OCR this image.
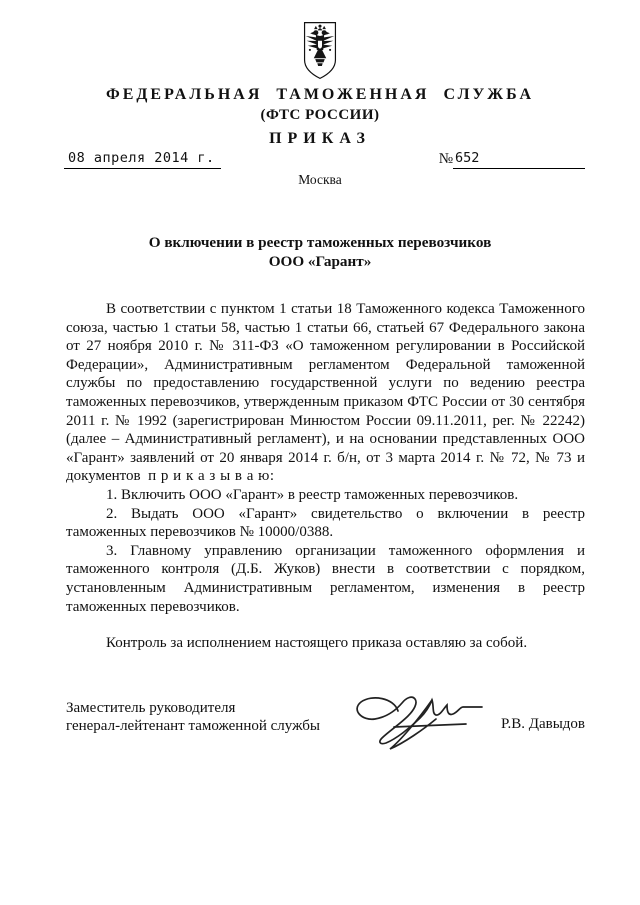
ФЕДЕРАЛЬНАЯ ТАМОЖЕННАЯ СЛУЖБА
(ФТС РОССИИ)
ПРИКАЗ
08 апреля 2014 г.	№ 652
Москва
О включении в реестр таможенных перевозчиков
ООО «Гарант»

В соответствии с пунктом 1 статьи 18 Таможенного кодекса Таможенного союза, частью 1 статьи 58, частью 1 статьи 66, статьей 67 Федерального закона от 27 ноября 2010 г. № 311-ФЗ «О таможенном регулировании в Российской Федерации», Административным регламентом Федеральной таможенной службы по предоставлению государственной услуги по ведению реестра таможенных перевозчиков, утвержденным приказом ФТС России от 30 сентября 2011 г. № 1992 (зарегистрирован Минюстом России 09.11.2011, рег. № 22242) (далее – Административный регламент), и на основании представленных ООО «Гарант» заявлений от 20 января 2014 г. б/н, от 3 марта 2014 г. № 72, № 73 и документов п р и к а з ы в а ю:

1. Включить ООО «Гарант» в реестр таможенных перевозчиков.

2. Выдать ООО «Гарант» свидетельство о включении в реестр таможенных перевозчиков № 10000/0388.

3. Главному управлению организации таможенного оформления и таможенного контроля (Д.Б. Жуков) внести в соответствии с порядком, установленным Административным регламентом, изменения в реестр таможенных перевозчиков.

Контроль за исполнением настоящего приказа оставляю за собой.

Заместитель руководителя
генерал-лейтенант таможенной службы	Р.В. Давыдов
